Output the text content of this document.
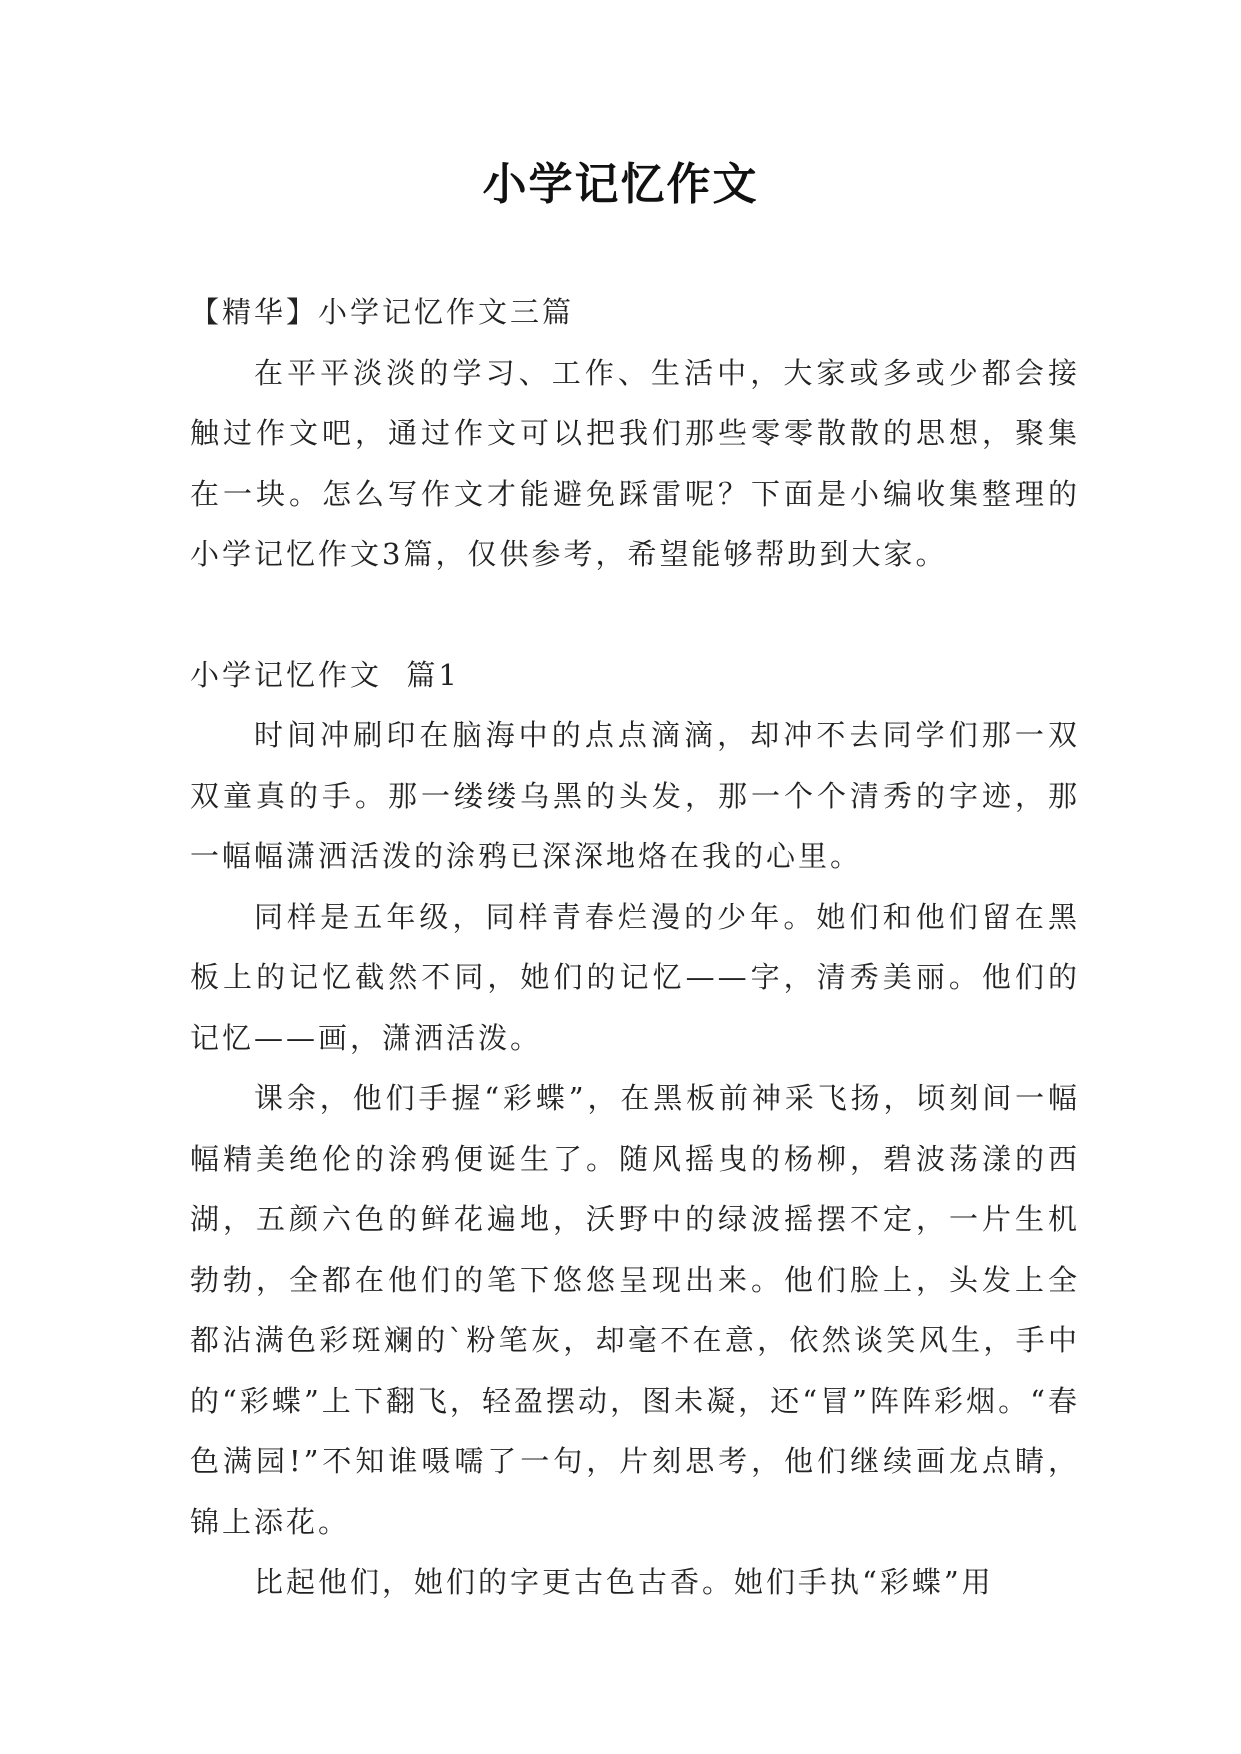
小学记忆作文

【精华】小学记忆作文三篇

在平平淡淡的学习、工作、生活中，大家或多或少都会接触过作文吧，通过作文可以把我们那些零零散散的思想，聚集在一块。怎么写作文才能避免踩雷呢？下面是小编收集整理的小学记忆作文3篇，仅供参考，希望能够帮助到大家。

小学记忆作文  篇1

时间冲刷印在脑海中的点点滴滴，却冲不去同学们那一双双童真的手。那一缕缕乌黑的头发，那一个个清秀的字迹，那一幅幅潇洒活泼的涂鸦已深深地烙在我的心里。

同样是五年级，同样青春烂漫的少年。她们和他们留在黑板上的记忆截然不同，她们的记忆——字，清秀美丽。他们的记忆——画，潇洒活泼。

课余，他们手握“彩蝶”，在黑板前神采飞扬，顷刻间一幅幅精美绝伦的涂鸦便诞生了。随风摇曳的杨柳，碧波荡漾的西湖，五颜六色的鲜花遍地，沃野中的绿波摇摆不定，一片生机勃勃，全都在他们的笔下悠悠呈现出来。他们脸上，头发上全都沾满色彩斑斓的`粉笔灰，却毫不在意，依然谈笑风生，手中的“彩蝶”上下翻飞，轻盈摆动，图未凝，还“冒”阵阵彩烟。“春色满园!”不知谁嗫嚅了一句，片刻思考，他们继续画龙点睛，锦上添花。

比起他们，她们的字更古色古香。她们手执“彩蝶”用
